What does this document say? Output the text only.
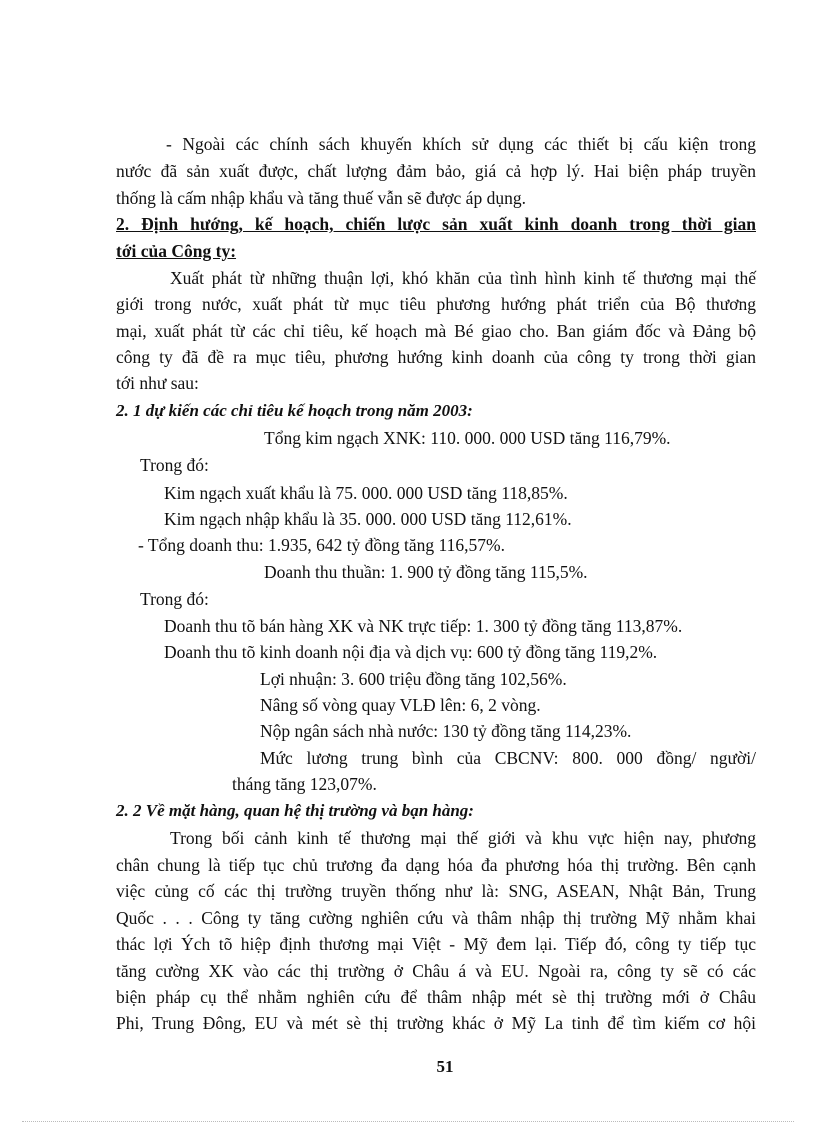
- Ngoài các chính sách khuyến khích sử dụng các thiết bị cấu kiện trong
nước đã sản xuất được, chất lượng đảm bảo, giá cả hợp lý. Hai biện pháp truyền
thống là cấm nhập khẩu và tăng thuế vẫn sẽ được áp dụng.
2. Định hướng, kế hoạch, chiến lược sản xuất kinh doanh trong thời gian
tới của Công ty:
Xuất phát từ những thuận lợi, khó khăn của tình hình kinh tế thương mại thế
giới trong nước, xuất phát từ mục tiêu phương hướng phát triển của Bộ thương
mại, xuất phát từ các chỉ tiêu, kế hoạch mà Bé giao cho. Ban giám đốc và Đảng bộ
công ty đã đề ra mục tiêu, phương hướng kinh doanh của công ty trong thời gian
tới như sau:
2. 1 dự kiến các chỉ tiêu kế hoạch trong năm 2003:
Tổng kim ngạch XNK: 110. 000. 000 USD tăng 116,79%.
Trong đó:
Kim ngạch xuất khẩu là 75. 000. 000 USD tăng 118,85%.
Kim ngạch nhập khẩu là 35. 000. 000 USD tăng 112,61%.
- Tổng doanh thu: 1.935, 642 tỷ đồng tăng 116,57%.
Doanh thu thuần: 1. 900 tỷ đồng tăng 115,5%.
Trong đó:
Doanh thu tõ bán hàng XK và NK trực tiếp: 1. 300 tỷ đồng tăng 113,87%.
Doanh thu tõ kinh doanh nội địa và dịch vụ: 600 tỷ đồng tăng 119,2%.
Lợi nhuận: 3. 600 triệu đồng tăng 102,56%.
Nâng số vòng quay VLĐ lên: 6, 2 vòng.
Nộp ngân sách nhà nước: 130 tỷ đồng tăng 114,23%.
Mức lương trung bình của CBCNV: 800. 000 đồng/ người/
tháng tăng 123,07%.
2. 2 Về mặt hàng, quan hệ thị trường và bạn hàng:
Trong bối cảnh kinh tế thương mại thế giới và khu vực hiện nay, phương
chân chung là tiếp tục chủ trương đa dạng hóa đa phương hóa thị trường. Bên cạnh
việc củng cố các thị trường truyền thống như là: SNG, ASEAN, Nhật Bản, Trung
Quốc . . . Công ty tăng cường nghiên cứu và thâm nhập thị trường Mỹ nhằm khai
thác lợi Ých tõ hiệp định thương mại Việt - Mỹ đem lại. Tiếp đó, công ty tiếp tục
tăng cường XK vào các thị trường ở Châu á và EU. Ngoài ra, công ty sẽ có các
biện pháp cụ thể nhằm nghiên cứu để thâm nhập mét sè thị trường mới ở Châu
Phi, Trung Đông, EU và mét sè thị trường khác ở Mỹ La tinh để tìm kiếm cơ hội
51
